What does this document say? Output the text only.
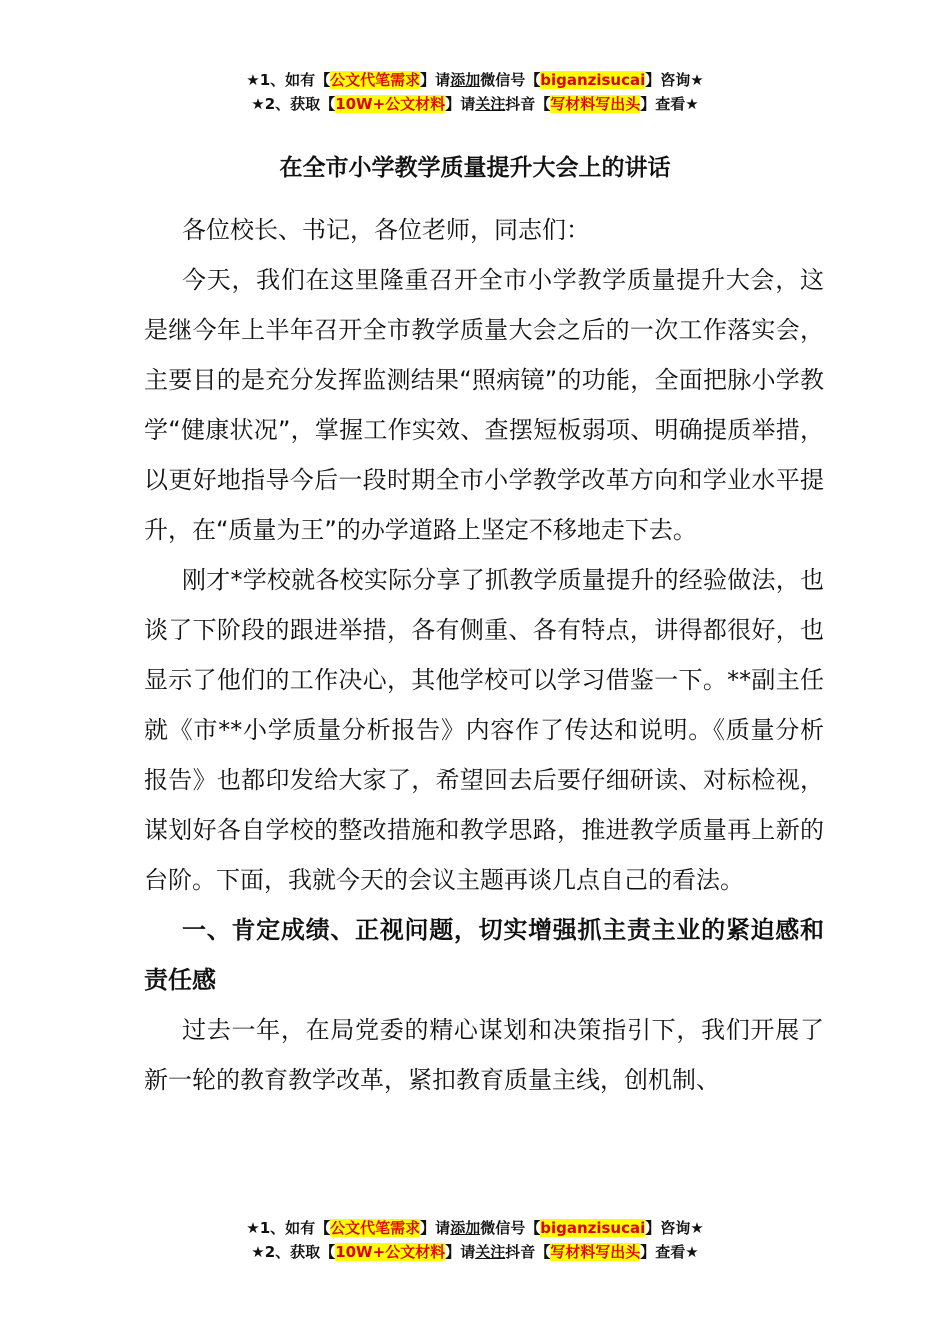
★1、如有【公文代笔需求】请添加微信号【biganzisucai】咨询★
★2、获取【10W+公文材料】请关注抖音【写材料写出头】查看★
在全市小学教学质量提升大会上的讲话

各位校长、书记，各位老师，同志们：

今天，我们在这里隆重召开全市小学教学质量提升大会，这是继今年上半年召开全市教学质量大会之后的一次工作落实会，主要目的是充分发挥监测结果“照病镜”的功能，全面把脉小学教学“健康状况”，掌握工作实效、查摆短板弱项、明确提质举措，以更好地指导今后一段时期全市小学教学改革方向和学业水平提升，在“质量为王”的办学道路上坚定不移地走下去。

刚才*学校就各校实际分享了抓教学质量提升的经验做法，也谈了下阶段的跟进举措，各有侧重、各有特点，讲得都很好，也显示了他们的工作决心，其他学校可以学习借鉴一下。**副主任就《市**小学质量分析报告》内容作了传达和说明。《质量分析报告》也都印发给大家了，希望回去后要仔细研读、对标检视，谋划好各自学校的整改措施和教学思路，推进教学质量再上新的台阶。下面，我就今天的会议主题再谈几点自己的看法。

一、肯定成绩、正视问题，切实增强抓主责主业的紧迫感和责任感

过去一年，在局党委的精心谋划和决策指引下，我们开展了新一轮的教育教学改革，紧扣教育质量主线，创机制、

★1、如有【公文代笔需求】请添加微信号【biganzisucai】咨询★
★2、获取【10W+公文材料】请关注抖音【写材料写出头】查看★
